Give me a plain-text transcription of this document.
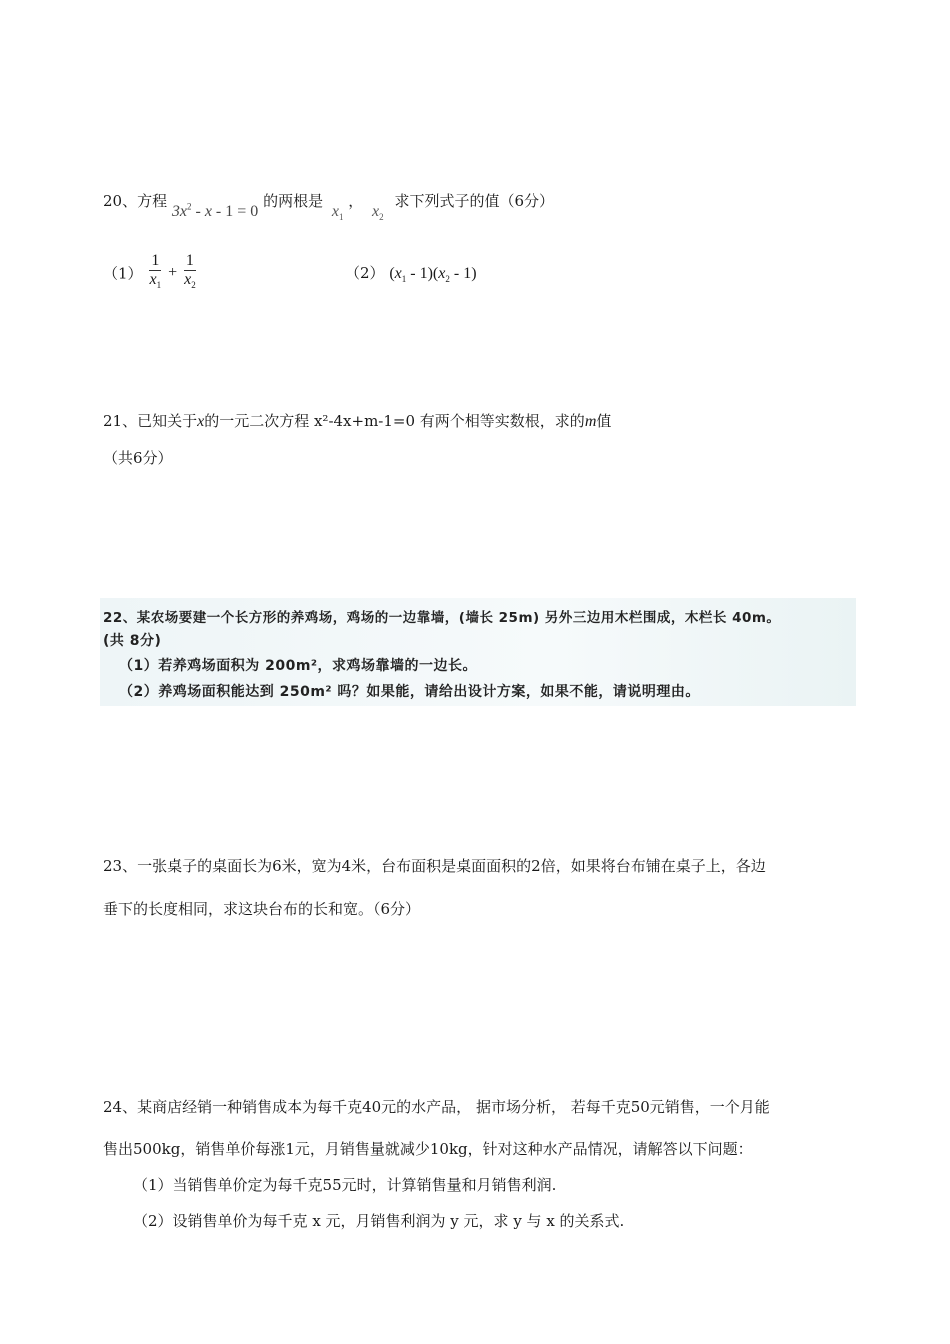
20、方程 $3x^2 - x - 1 = 0$ 的两根是 $x_1$ ， $x_2$ 求下列式子的值（6分）
$(1) \frac{1}{x_1} + \frac{1}{x_2}$	（2） $(x_1 - 1)(x_2 - 1)$
21、已知关于x的一元二次方程 x²-4x+m-1=0 有两个相等实数根，求的m值
（共6分）
22、某农场要建一个长方形的养鸡场，鸡场的一边靠墙，(墙长 25m) 另外三边用木栏围成，木栏长 40m。
(共 8分)
（1）若养鸡场面积为 200m²，求鸡场靠墙的一边长。
（2）养鸡场面积能达到 250m² 吗？如果能，请给出设计方案，如果不能，请说明理由。
23、一张桌子的桌面长为6米，宽为4米，台布面积是桌面面积的2倍，如果将台布铺在桌子上，各边
垂下的长度相同，求这块台布的长和宽。（6分）
24、某商店经销一种销售成本为每千克40元的水产品， 据市场分析， 若每千克50元销售，一个月能
售出500kg，销售单价每涨1元，月销售量就减少10kg，针对这种水产品情况，请解答以下问题：
（1）当销售单价定为每千克55元时，计算销售量和月销售利润.
（2）设销售单价为每千克 x 元，月销售利润为 y 元，求 y 与 x 的关系式.
